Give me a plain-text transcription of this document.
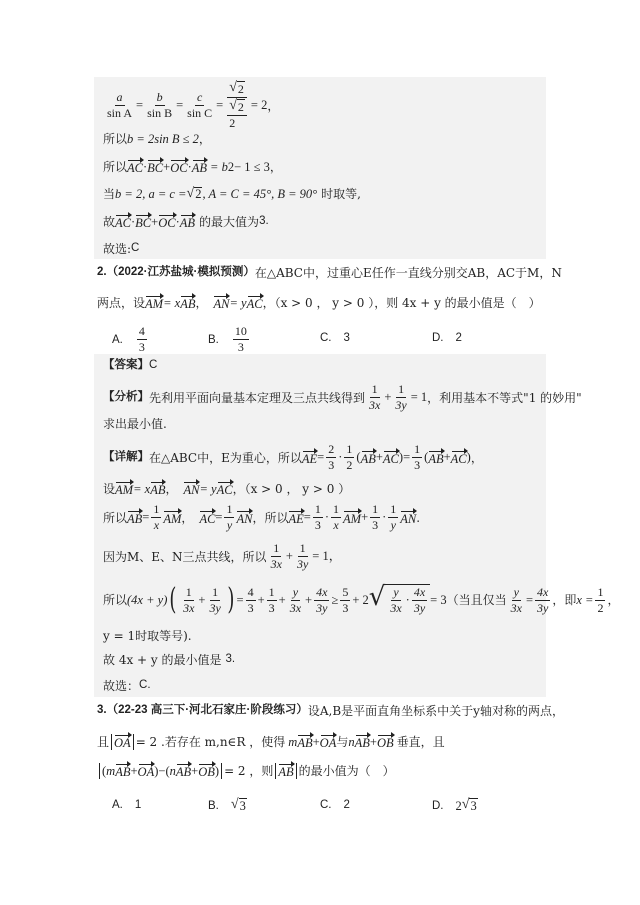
$\frac{a}{\text{sin A}} = \frac{b}{\text{sin B}} = \frac{c}{\text{sin C}} = \frac{√ 2}{\frac{√ 2}{2}} = 2$ ，
所以 b = 2sin B ≤ 2 ，
所以 AC · BC + OC · AB = b 2 − 1 ≤ 3 ，
当 b = 2, a = c = √ 2 , A = C = 45°, B = 90° 时取等,
故 AC · BC + OC · AB 的最大值为 3.
故选: C
2. （2022·江苏盐城·模拟预测） 在△ABC中，过重心E任作一直线分别交AB，AC于M，N
两点，设 AM = x AB ， AN = y AC ，（x > 0 ， y > 0 ），则 4x + y 的最小值是（　）
A. $\frac{4}{3}$	B. $\frac{10}{3}$	C. 3	D. 2
【答案】 C
【分析】 先利用平面向量基本定理及三点共线得到 $\frac{1}{3x} + \frac{1}{3y} = 1$ ，利用基本不等式"1 的妙用"
求出最小值.
【详解】 在△ABC中，E为重心，所以 AE = $\frac{2}{3} \cdot \frac{1}{2}$ ( AB + AC ) = $\frac{1}{3}$ ( AB + AC ) ，
设 AM = x AB ， AN = y AC ，（x > 0 ， y > 0 ）
所以 AB = $\frac{1}{x}$ AM ， AC = $\frac{1}{y}$ AN ，所以 AE = $\frac{1}{3} \cdot \frac{1}{x}$ AM + $\frac{1}{3} \cdot \frac{1}{y}$ AN .
因为M、E、N三点共线，所以 $\frac{1}{3x} + \frac{1}{3y} = 1$，
所以 (4x + y) ( $\frac{1}{3x} + \frac{1}{3y}$ ) = $\frac{4}{3} + \frac{1}{3} + \frac{y}{3x} + \frac{4x}{3y} \ge \frac{5}{3} + 2$ √ $\frac{y}{3x} \cdot \frac{4x}{3y} = 3$ （当且仅当 $\frac{y}{3x} = \frac{4x}{3y}$ ，即 $x = \frac{1}{2}$ ，
y = 1时取等号).
故 4x + y 的最小值是 3.
故选： C.
3. （22-23 高三下·河北石家庄·阶段练习） 设A,B是平面直角坐标系中关于y轴对称的两点，
且 OA = 2 .若存在 m,n∈R ，使得 m AB + OA 与 n AB + OB 垂直，且
( m AB + OA ) − ( n AB + OB ) = 2 ，则 AB 的最小值为（　）
A. 1	B. √ 3	C. 2	D. 2 √ 3
